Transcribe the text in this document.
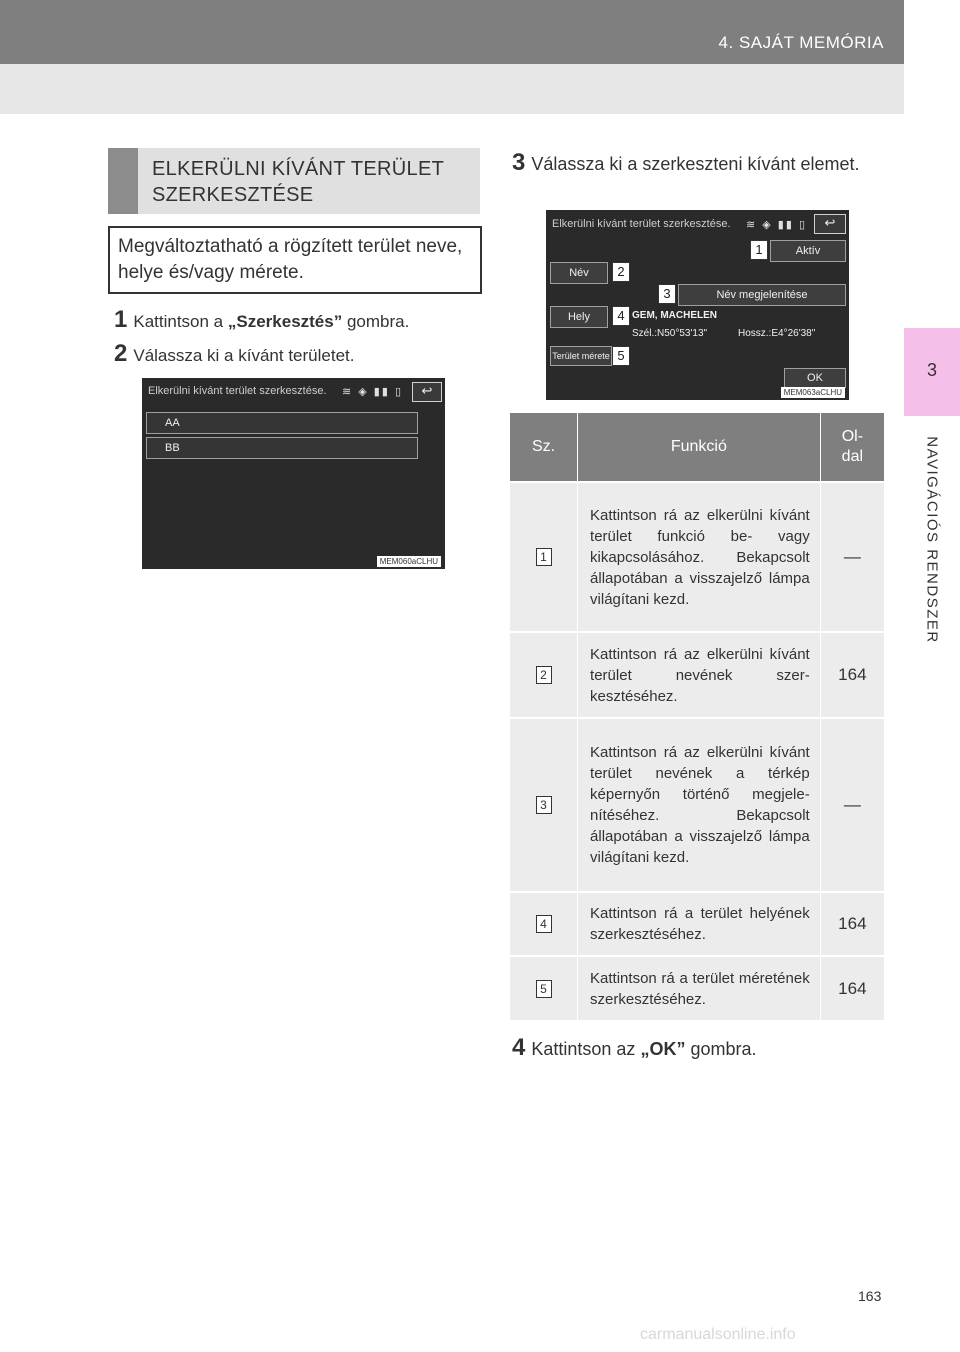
4. SAJÁT MEMÓRIA
3
NAVIGÁCIÓS RENDSZER
ELKERÜLNI KÍVÁNT TERÜLET SZERKESZTÉSE
Megváltoztatható a rögzített terület neve, helye és/vagy mérete.
1 Kattintson a „Szerkesztés” gombra.
2 Válassza ki a kívánt területet.
Elkerülni kívánt terület szerkesztése. ≋ ◈ ▮▮ ▯	↩
AA
BB
MEM060aCLHU
3 Válassza ki a szerkeszteni kívánt elemet.
Elkerülni kívánt terület szerkesztése. ≋ ◈ ▮▮ ▯	↩
Aktív
Név
Név megjelenítése
Hely	GEM, MACHELEN
Szél.:N50°53'13"	Hossz.:E4°26'38"
Terület mérete
OK
1
2
3
4
5
MEM063aCLHU
Sz.	Funkció	Ol-
dal
1	Kattintson rá az elkerülni kívánt terület funkció be- vagy kikapcsolásához. Bekapcsolt állapotában a visszajelző lámpa világítani kezd.	—
2	Kattintson rá az elkerülni kívánt terület nevének szerkesztéséhez.	164
3	Kattintson rá az elkerülni kívánt terület nevének a térkép képernyőn történő megjelenítéséhez. Bekapcsolt állapotában a visszajelző lámpa világítani kezd.	—
4	Kattintson rá a terület helyének szerkesztéséhez.	164
5	Kattintson rá a terület méretének szerkesztéséhez.	164
4 Kattintson az „OK” gombra.
163
carmanualsonline.info
